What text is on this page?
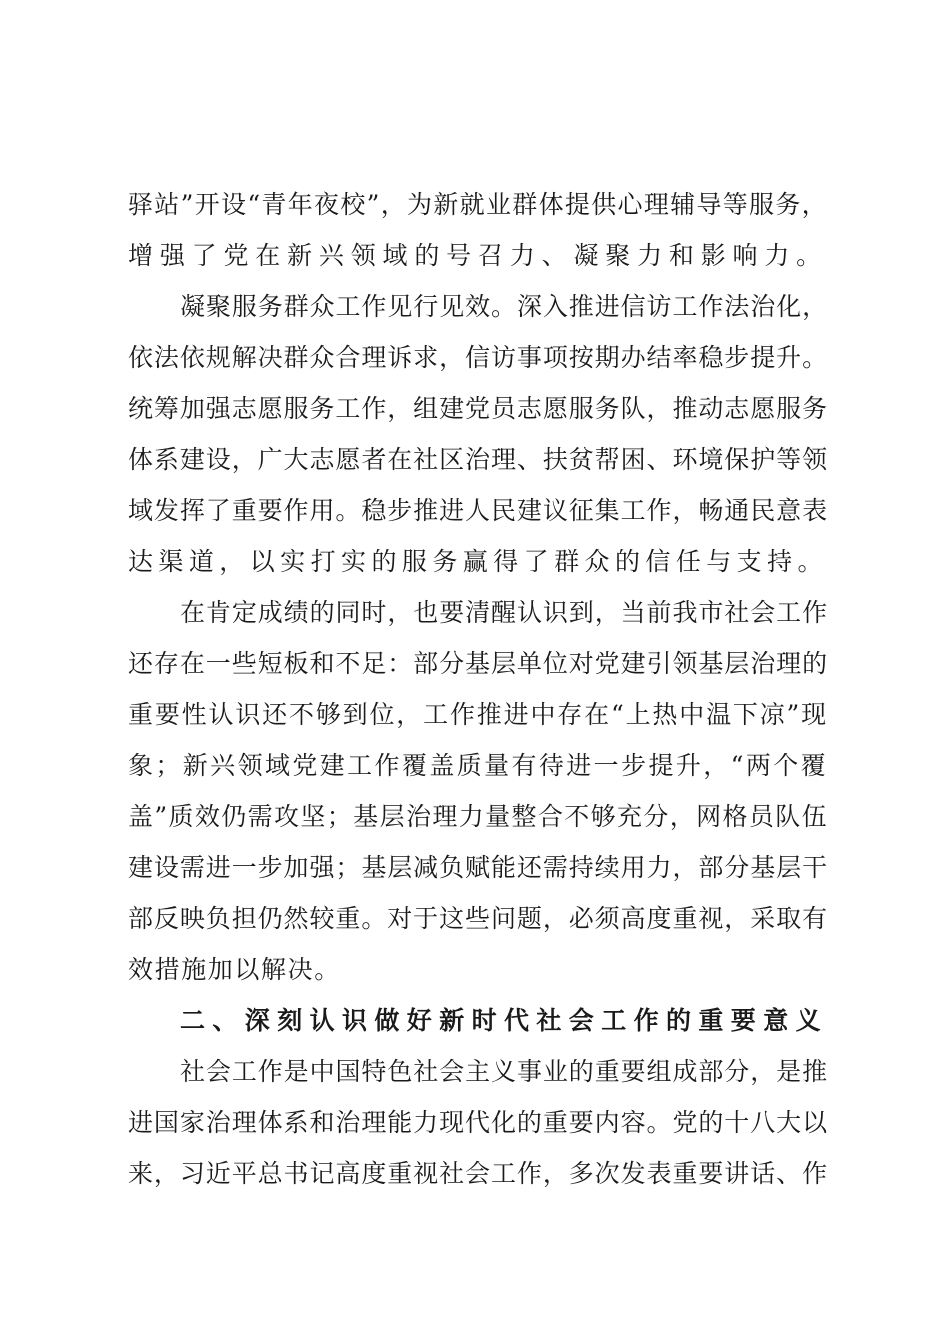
驿站”开设“青年夜校”，为新就业群体提供心理辅导等服务，
增强了党在新兴领域的号召力、凝聚力和影响力。
凝聚服务群众工作见行见效。深入推进信访工作法治化，
依法依规解决群众合理诉求，信访事项按期办结率稳步提升。
统筹加强志愿服务工作，组建党员志愿服务队，推动志愿服务
体系建设，广大志愿者在社区治理、扶贫帮困、环境保护等领
域发挥了重要作用。稳步推进人民建议征集工作，畅通民意表
达渠道，以实打实的服务赢得了群众的信任与支持。
在肯定成绩的同时，也要清醒认识到，当前我市社会工作
还存在一些短板和不足：部分基层单位对党建引领基层治理的
重要性认识还不够到位，工作推进中存在“上热中温下凉”现
象；新兴领域党建工作覆盖质量有待进一步提升，“两个覆
盖”质效仍需攻坚；基层治理力量整合不够充分，网格员队伍
建设需进一步加强；基层减负赋能还需持续用力，部分基层干
部反映负担仍然较重。对于这些问题，必须高度重视，采取有
效措施加以解决。
二、深刻认识做好新时代社会工作的重要意义
社会工作是中国特色社会主义事业的重要组成部分，是推
进国家治理体系和治理能力现代化的重要内容。党的十八大以
来，习近平总书记高度重视社会工作，多次发表重要讲话、作
